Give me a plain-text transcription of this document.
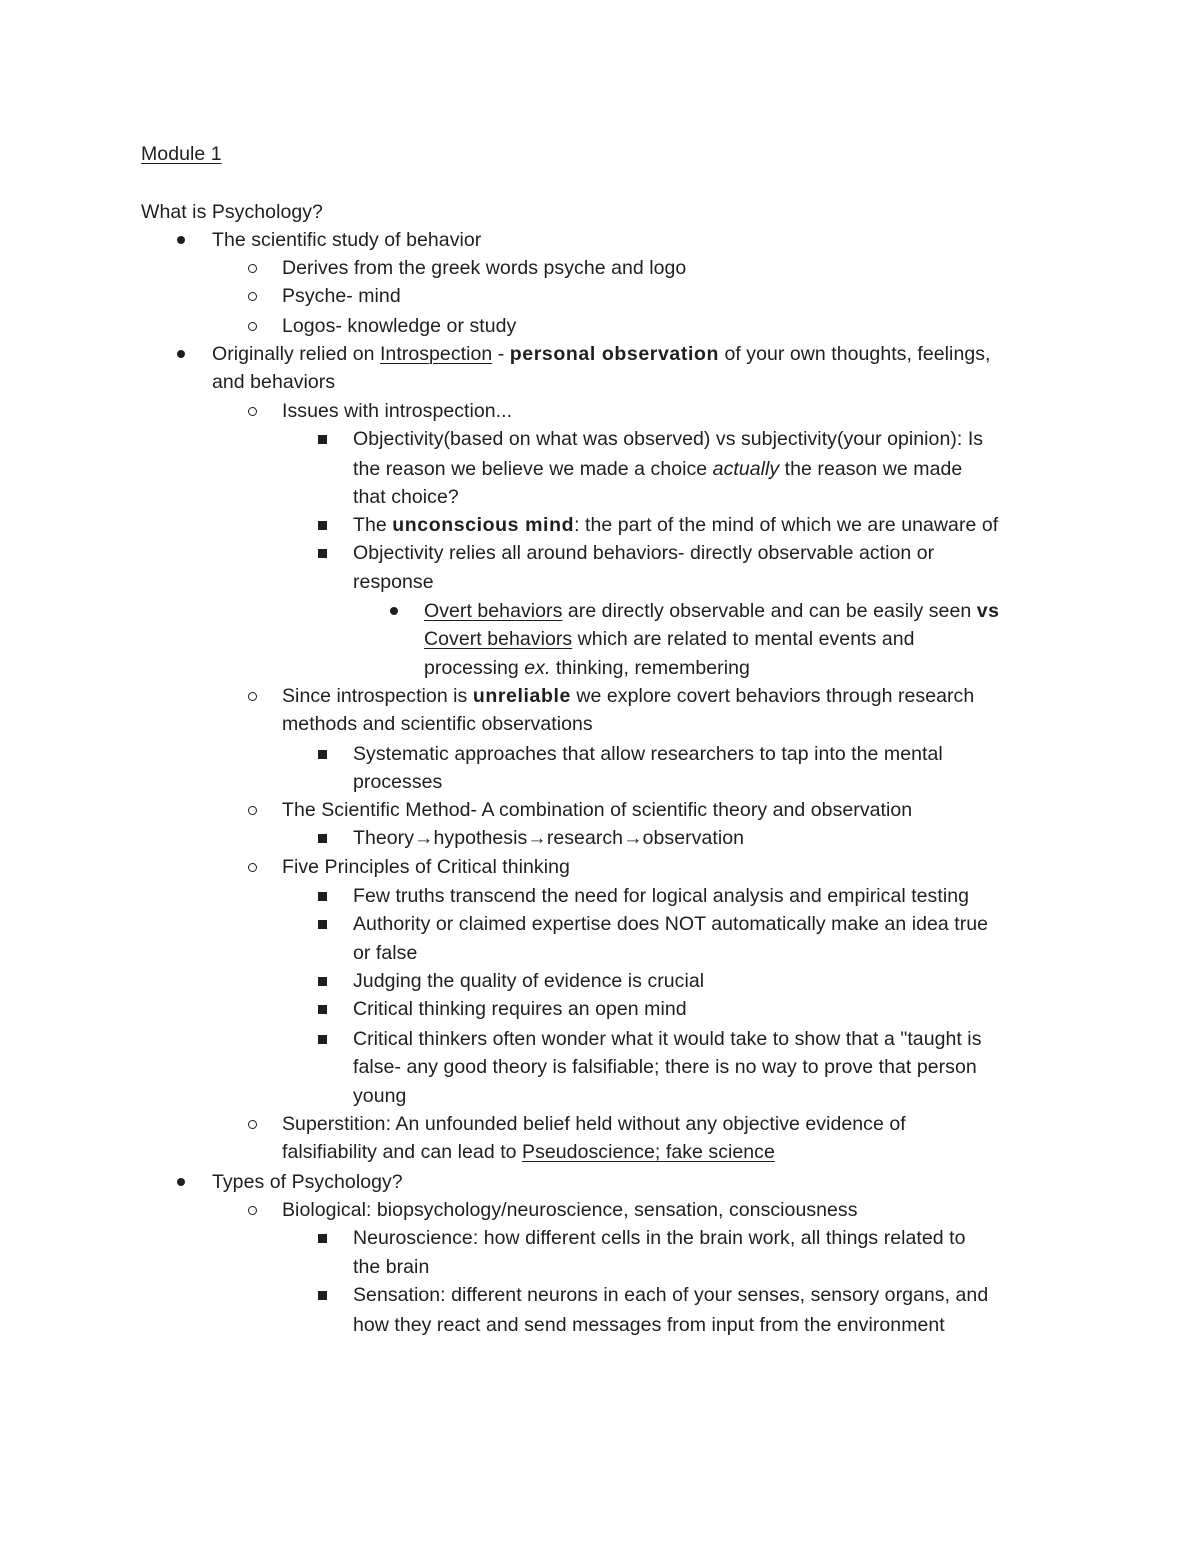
Module 1
What is Psychology?
The scientific study of behavior
Derives from the greek words psyche and logo
Psyche- mind
Logos- knowledge or study
Originally relied on Introspection - personal observation of your own thoughts, feelings,
and behaviors
Issues with introspection...
Objectivity(based on what was observed) vs subjectivity(your opinion): Is
the reason we believe we made a choice actually the reason we made
that choice?
The unconscious mind: the part of the mind of which we are unaware of
Objectivity relies all around behaviors- directly observable action or
response
Overt behaviors are directly observable and can be easily seen vs
Covert behaviors which are related to mental events and
processing ex. thinking, remembering
Since introspection is unreliable we explore covert behaviors through research
methods and scientific observations
Systematic approaches that allow researchers to tap into the mental
processes
The Scientific Method- A combination of scientific theory and observation
Theory→hypothesis→research→observation
Five Principles of Critical thinking
Few truths transcend the need for logical analysis and empirical testing
Authority or claimed expertise does NOT automatically make an idea true
or false
Judging the quality of evidence is crucial
Critical thinking requires an open mind
Critical thinkers often wonder what it would take to show that a "taught is
false- any good theory is falsifiable; there is no way to prove that person
young
Superstition: An unfounded belief held without any objective evidence of
falsifiability and can lead to Pseudoscience; fake science
Types of Psychology?
Biological: biopsychology/neuroscience, sensation, consciousness
Neuroscience: how different cells in the brain work, all things related to
the brain
Sensation: different neurons in each of your senses, sensory organs, and
how they react and send messages from input from the environment
